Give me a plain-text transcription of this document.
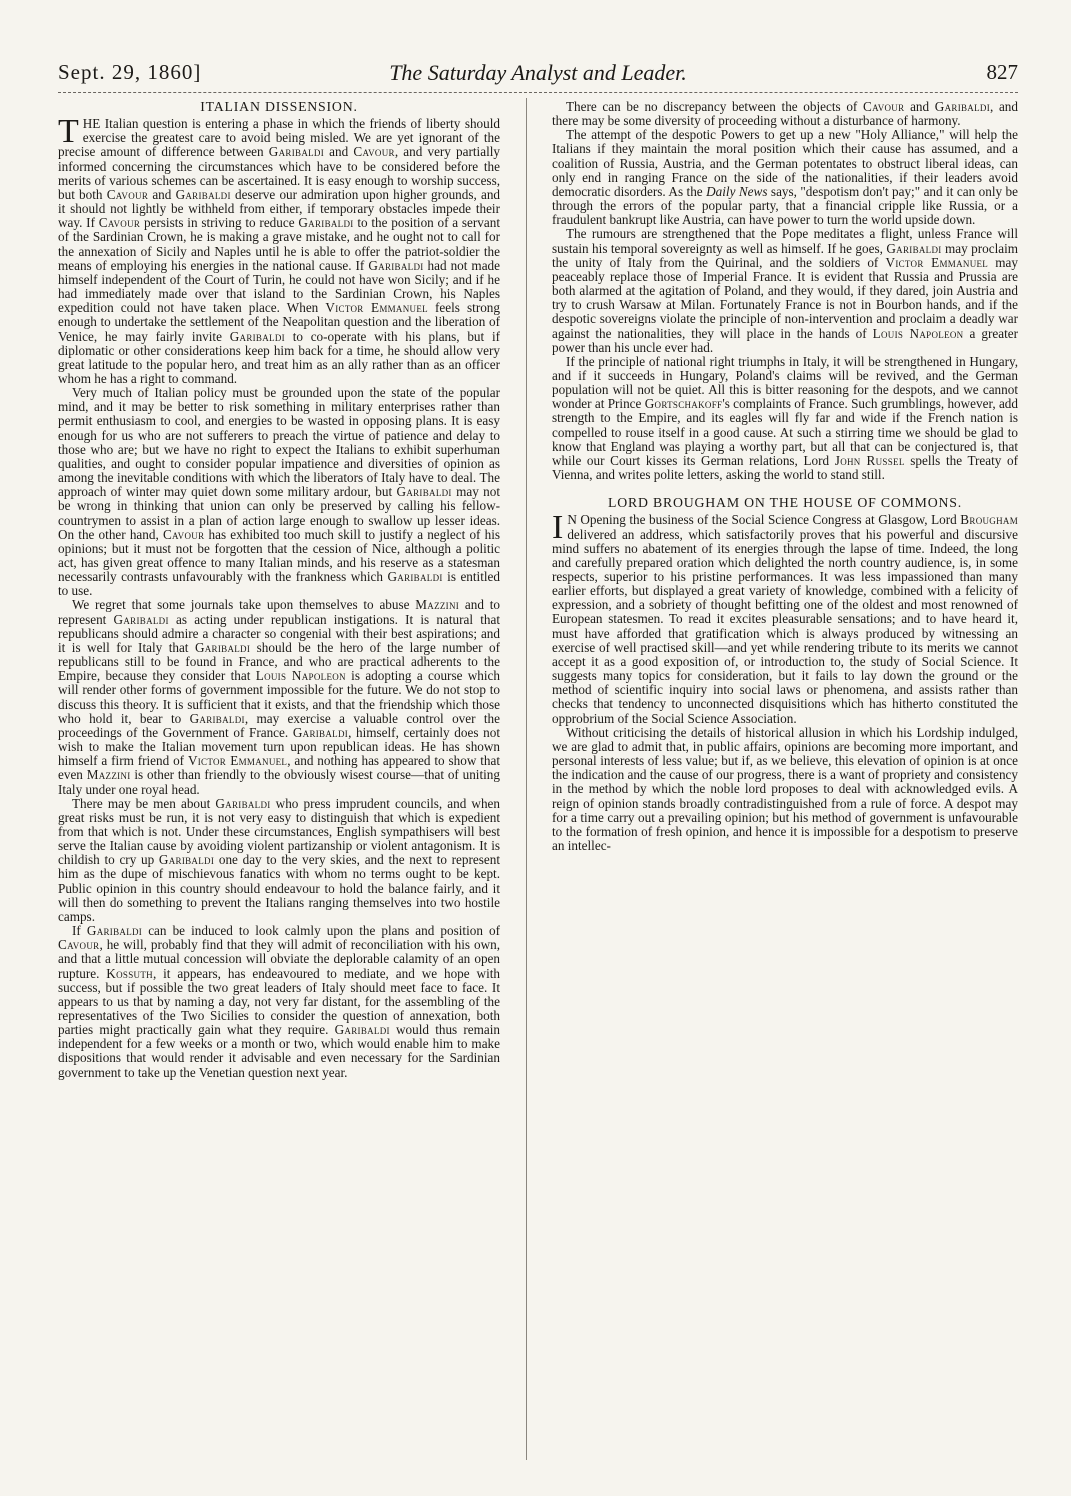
The Saturday Analyst and Leader.
Sept. 29, 1860]	827
ITALIAN DISSENSION.

THE Italian question is entering a phase in which the friends of liberty should exercise the greatest care to avoid being misled. We are yet ignorant of the precise amount of difference between Garibaldi and Cavour, and very partially informed concerning the circumstances which have to be considered before the merits of various schemes can be ascertained. It is easy enough to worship success, but both Cavour and Garibaldi deserve our admiration upon higher grounds, and it should not lightly be withheld from either, if temporary obstacles impede their way. If Cavour persists in striving to reduce Garibaldi to the position of a servant of the Sardinian Crown, he is making a grave mistake, and he ought not to call for the annexation of Sicily and Naples until he is able to offer the patriot-soldier the means of employing his energies in the national cause. If Garibaldi had not made himself independent of the Court of Turin, he could not have won Sicily; and if he had immediately made over that island to the Sardinian Crown, his Naples expedition could not have taken place. When Victor Emmanuel feels strong enough to undertake the settlement of the Neapolitan question and the liberation of Venice, he may fairly invite Garibaldi to co-operate with his plans, but if diplomatic or other considerations keep him back for a time, he should allow very great latitude to the popular hero, and treat him as an ally rather than as an officer whom he has a right to command.

Very much of Italian policy must be grounded upon the state of the popular mind, and it may be better to risk something in military enterprises rather than permit enthusiasm to cool, and energies to be wasted in opposing plans. It is easy enough for us who are not sufferers to preach the virtue of patience and delay to those who are; but we have no right to expect the Italians to exhibit superhuman qualities, and ought to consider popular impatience and diversities of opinion as among the inevitable conditions with which the liberators of Italy have to deal. The approach of winter may quiet down some military ardour, but Garibaldi may not be wrong in thinking that union can only be preserved by calling his fellow-countrymen to assist in a plan of action large enough to swallow up lesser ideas. On the other hand, Cavour has exhibited too much skill to justify a neglect of his opinions; but it must not be forgotten that the cession of Nice, although a politic act, has given great offence to many Italian minds, and his reserve as a statesman necessarily contrasts unfavourably with the frankness which Garibaldi is entitled to use.

We regret that some journals take upon themselves to abuse Mazzini and to represent Garibaldi as acting under republican instigations. It is natural that republicans should admire a character so congenial with their best aspirations; and it is well for Italy that Garibaldi should be the hero of the large number of republicans still to be found in France, and who are practical adherents to the Empire, because they consider that Louis Napoleon is adopting a course which will render other forms of government impossible for the future. We do not stop to discuss this theory. It is sufficient that it exists, and that the friendship which those who hold it, bear to Garibaldi, may exercise a valuable control over the proceedings of the Government of France. Garibaldi, himself, certainly does not wish to make the Italian movement turn upon republican ideas. He has shown himself a firm friend of Victor Emmanuel, and nothing has appeared to show that even Mazzini is other than friendly to the obviously wisest course—that of uniting Italy under one royal head.

There may be men about Garibaldi who press imprudent councils, and when great risks must be run, it is not very easy to distinguish that which is expedient from that which is not. Under these circumstances, English sympathisers will best serve the Italian cause by avoiding violent partizanship or violent antagonism. It is childish to cry up Garibaldi one day to the very skies, and the next to represent him as the dupe of mischievous fanatics with whom no terms ought to be kept. Public opinion in this country should endeavour to hold the balance fairly, and it will then do something to prevent the Italians ranging themselves into two hostile camps.

If Garibaldi can be induced to look calmly upon the plans and position of Cavour, he will, probably find that they will admit of reconciliation with his own, and that a little mutual concession will obviate the deplorable calamity of an open rupture. Kossuth, it appears, has endeavoured to mediate, and we hope with success, but if possible the two great leaders of Italy should meet face to face. It appears to us that by naming a day, not very far distant, for the assembling of the representatives of the Two Sicilies to consider the question of annexation, both parties might practically gain what they require. Garibaldi would thus remain independent for a few weeks or a month or two, which would enable him to make dispositions that would render it advisable and even necessary for the Sardinian government to take up the Venetian question next year.

There can be no discrepancy between the objects of Cavour and Garibaldi, and there may be some diversity of proceeding without a disturbance of harmony.

The attempt of the despotic Powers to get up a new "Holy Alliance," will help the Italians if they maintain the moral position which their cause has assumed, and a coalition of Russia, Austria, and the German potentates to obstruct liberal ideas, can only end in ranging France on the side of the nationalities, if their leaders avoid democratic disorders. As the Daily News says, "despotism don't pay;" and it can only be through the errors of the popular party, that a financial cripple like Russia, or a fraudulent bankrupt like Austria, can have power to turn the world upside down.

The rumours are strengthened that the Pope meditates a flight, unless France will sustain his temporal sovereignty as well as himself. If he goes, Garibaldi may proclaim the unity of Italy from the Quirinal, and the soldiers of Victor Emmanuel may peaceably replace those of Imperial France. It is evident that Russia and Prussia are both alarmed at the agitation of Poland, and they would, if they dared, join Austria and try to crush Warsaw at Milan. Fortunately France is not in Bourbon hands, and if the despotic sovereigns violate the principle of non-intervention and proclaim a deadly war against the nationalities, they will place in the hands of Louis Napoleon a greater power than his uncle ever had.

If the principle of national right triumphs in Italy, it will be strengthened in Hungary, and if it succeeds in Hungary, Poland's claims will be revived, and the German population will not be quiet. All this is bitter reasoning for the despots, and we cannot wonder at Prince Gortschakoff's complaints of France. Such grumblings, however, add strength to the Empire, and its eagles will fly far and wide if the French nation is compelled to rouse itself in a good cause. At such a stirring time we should be glad to know that England was playing a worthy part, but all that can be conjectured is, that while our Court kisses its German relations, Lord John Russel spells the Treaty of Vienna, and writes polite letters, asking the world to stand still.

LORD BROUGHAM ON THE HOUSE OF COMMONS.

I N Opening the business of the Social Science Congress at Glasgow, Lord Brougham delivered an address, which satisfactorily proves that his powerful and discursive mind suffers no abatement of its energies through the lapse of time. Indeed, the long and carefully prepared oration which delighted the north country audience, is, in some respects, superior to his pristine performances. It was less impassioned than many earlier efforts, but displayed a great variety of knowledge, combined with a felicity of expression, and a sobriety of thought befitting one of the oldest and most renowned of European statesmen. To read it excites pleasurable sensations; and to have heard it, must have afforded that gratification which is always produced by witnessing an exercise of well practised skill—and yet while rendering tribute to its merits we cannot accept it as a good exposition of, or introduction to, the study of Social Science. It suggests many topics for consideration, but it fails to lay down the ground or the method of scientific inquiry into social laws or phenomena, and assists rather than checks that tendency to unconnected disquisitions which has hitherto constituted the opprobrium of the Social Science Association.

Without criticising the details of historical allusion in which his Lordship indulged, we are glad to admit that, in public affairs, opinions are becoming more important, and personal interests of less value; but if, as we believe, this elevation of opinion is at once the indication and the cause of our progress, there is a want of propriety and consistency in the method by which the noble lord proposes to deal with acknowledged evils. A reign of opinion stands broadly contradistinguished from a rule of force. A despot may for a time carry out a prevailing opinion; but his method of government is unfavourable to the formation of fresh opinion, and hence it is impossible for a despotism to preserve an intellec-
